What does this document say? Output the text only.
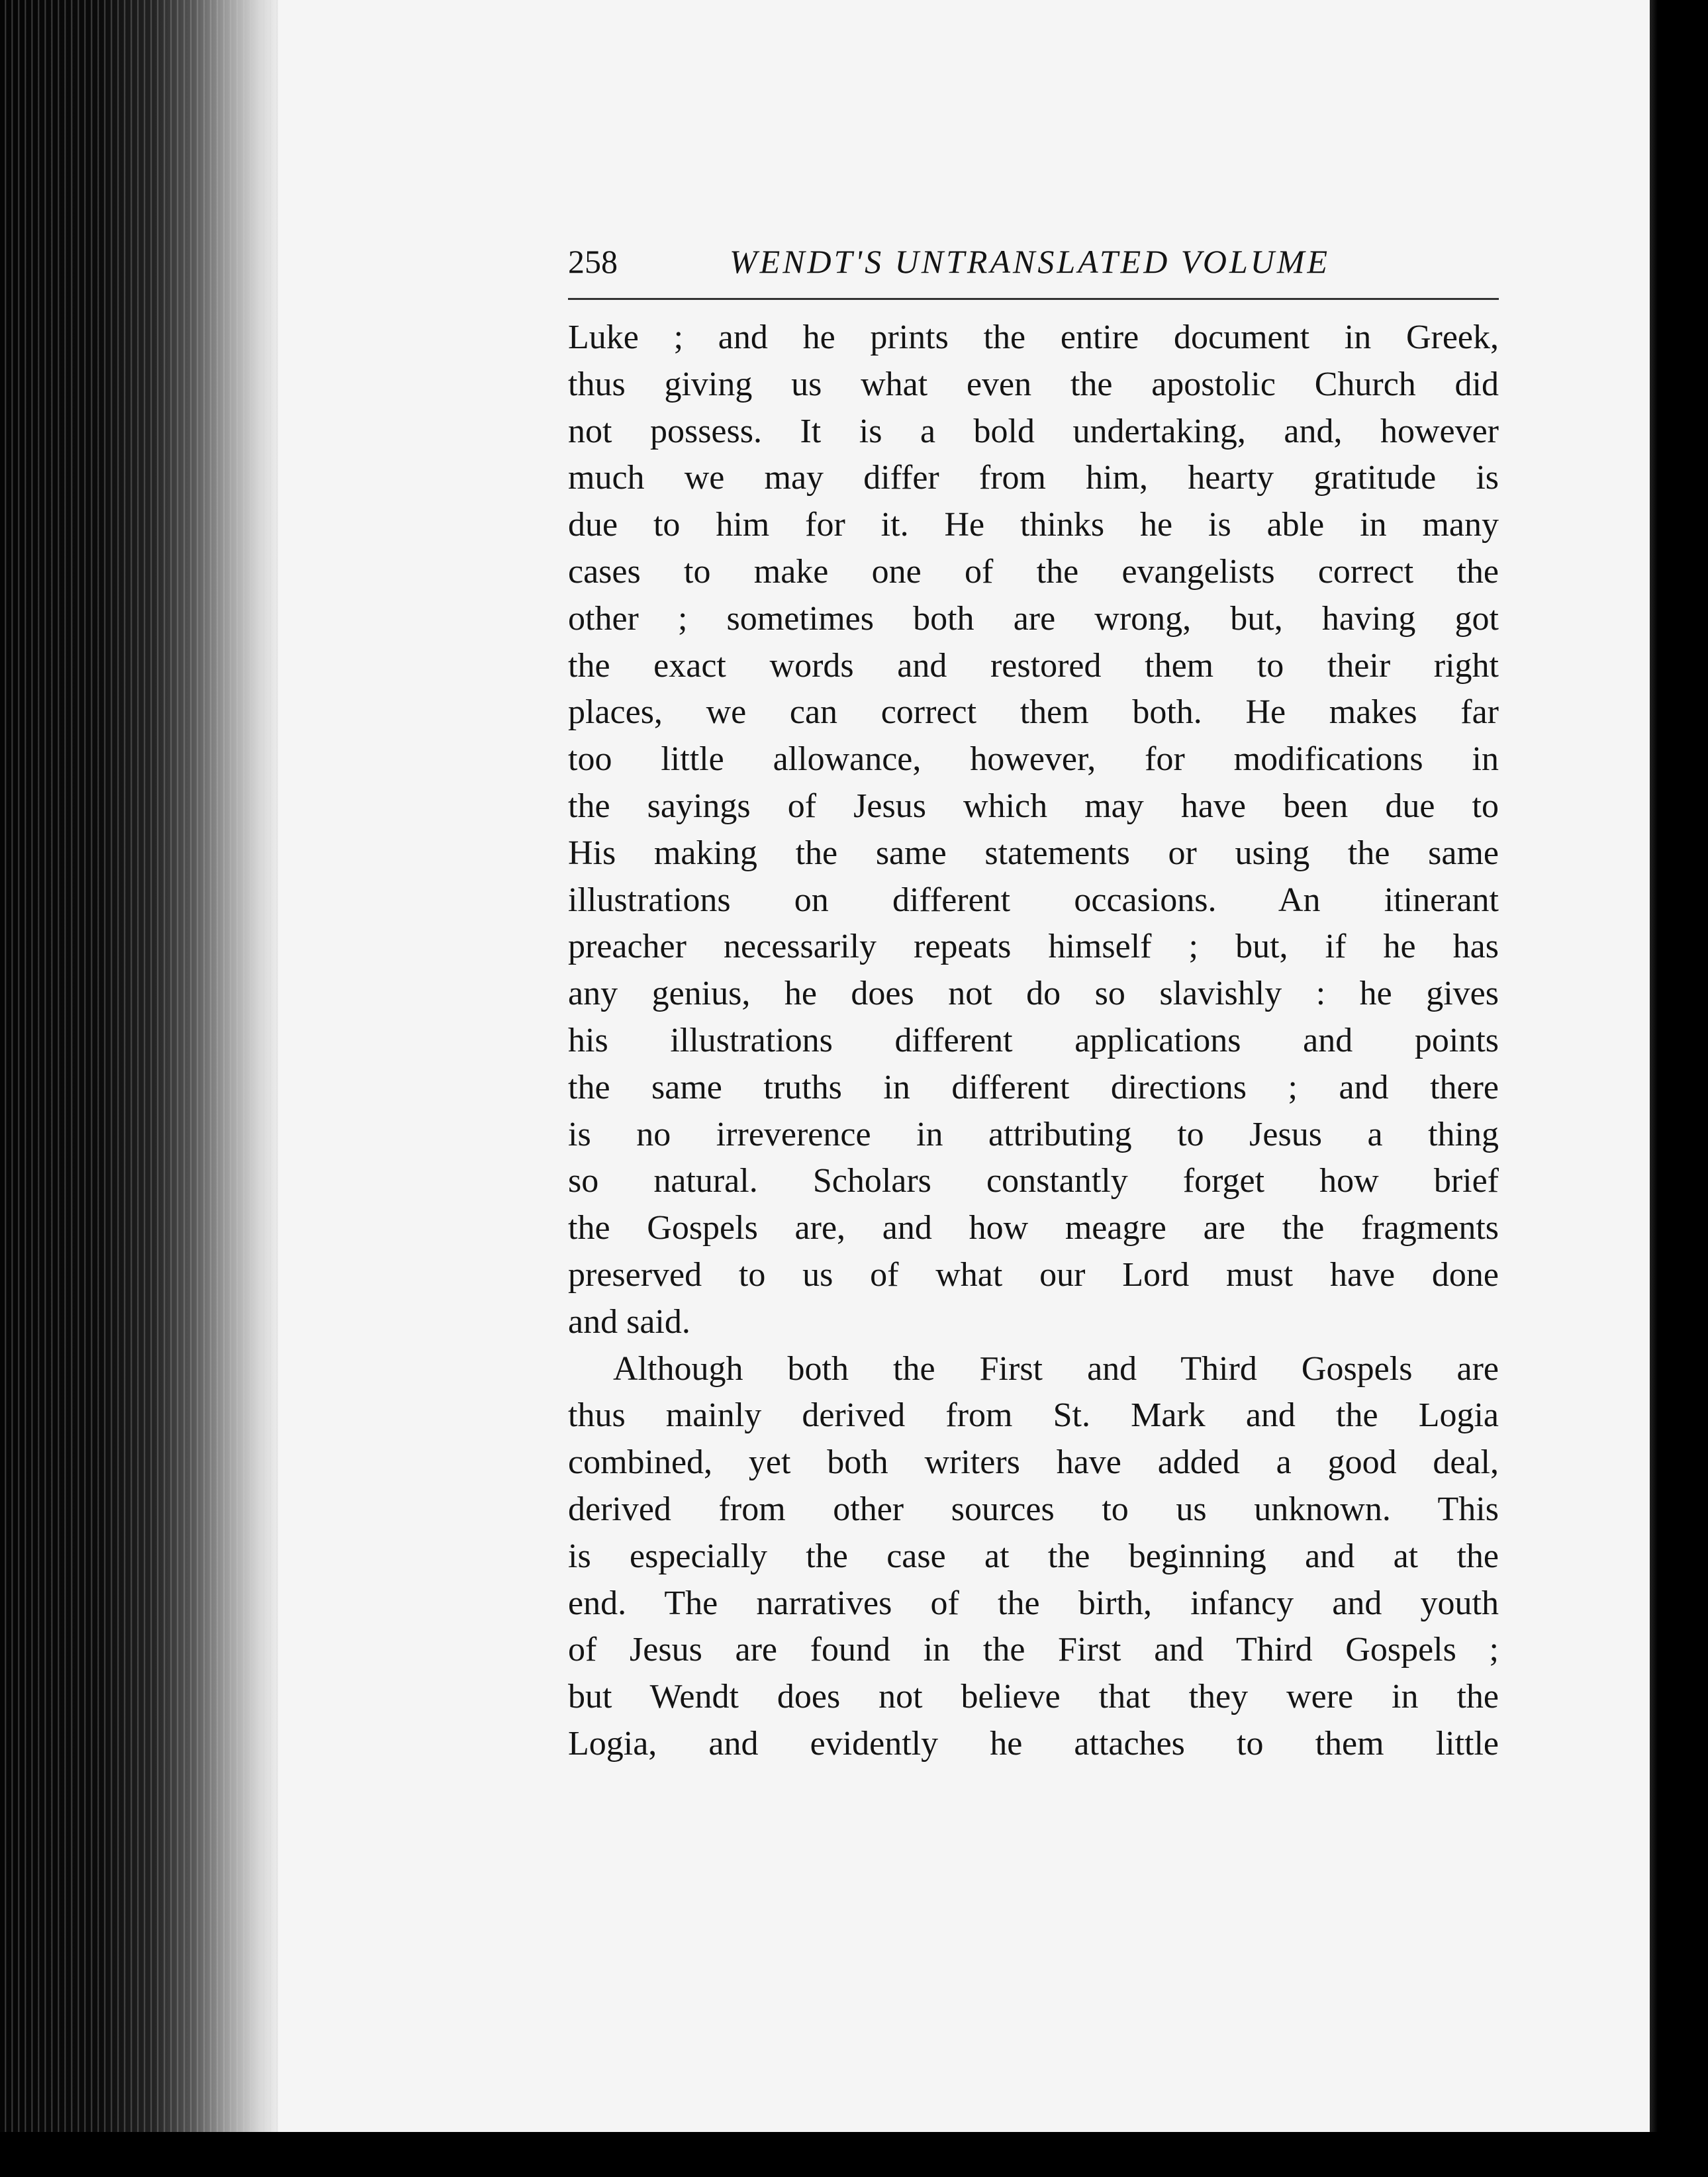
258	WENDT'S UNTRANSLATED VOLUME
Luke ; and he prints the entire document in Greek,
thus giving us what even the apostolic Church did
not possess. It is a bold undertaking, and, however
much we may differ from him, hearty gratitude is
due to him for it. He thinks he is able in many
cases to make one of the evangelists correct the
other ; sometimes both are wrong, but, having got
the exact words and restored them to their right
places, we can correct them both. He makes far
too little allowance, however, for modifications in
the sayings of Jesus which may have been due to
His making the same statements or using the same
illustrations on different occasions. An itinerant
preacher necessarily repeats himself ; but, if he has
any genius, he does not do so slavishly : he gives
his illustrations different applications and points
the same truths in different directions ; and there
is no irreverence in attributing to Jesus a thing
so natural. Scholars constantly forget how brief
the Gospels are, and how meagre are the fragments
preserved to us of what our Lord must have done
and said.
Although both the First and Third Gospels are
thus mainly derived from St. Mark and the Logia
combined, yet both writers have added a good deal,
derived from other sources to us unknown. This
is especially the case at the beginning and at the
end. The narratives of the birth, infancy and youth
of Jesus are found in the First and Third Gospels ;
but Wendt does not believe that they were in the
Logia, and evidently he attaches to them little
